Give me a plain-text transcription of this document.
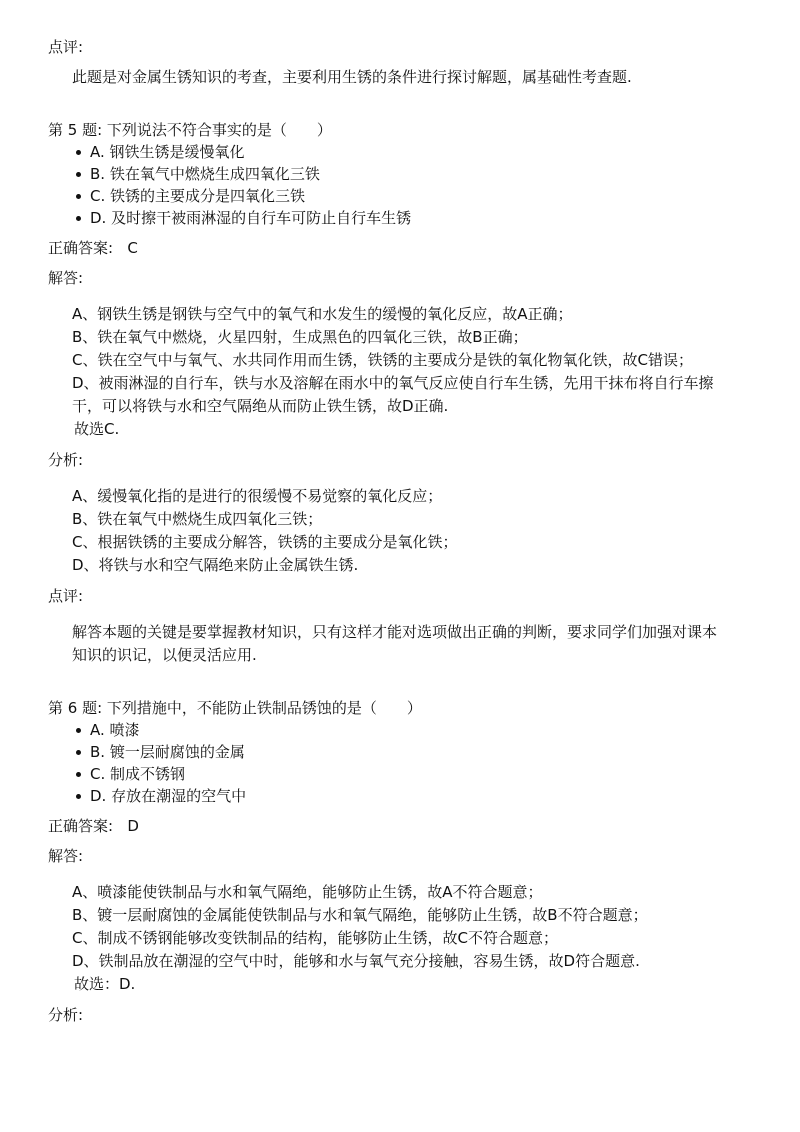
点评:

此题是对金属生锈知识的考查，主要利用生锈的条件进行探讨解题，属基础性考查题.

第 5 题: 下列说法不符合事实的是（　　）

A. 钢铁生锈是缓慢氧化
B. 铁在氧气中燃烧生成四氧化三铁
C. 铁锈的主要成分是四氧化三铁
D. 及时擦干被雨淋湿的自行车可防止自行车生锈

正确答案: C

解答:

A、钢铁生锈是钢铁与空气中的氧气和水发生的缓慢的氧化反应，故A正确；

B、铁在氧气中燃烧，火星四射，生成黑色的四氧化三铁，故B正确；

C、铁在空气中与氧气、水共同作用而生锈，铁锈的主要成分是铁的氧化物氧化铁，故C错误；

D、被雨淋湿的自行车，铁与水及溶解在雨水中的氧气反应使自行车生锈，先用干抹布将自行车擦干，可以将铁与水和空气隔绝从而防止铁生锈，故D正确.

故选C.

分析:

A、缓慢氧化指的是进行的很缓慢不易觉察的氧化反应；

B、铁在氧气中燃烧生成四氧化三铁；

C、根据铁锈的主要成分解答，铁锈的主要成分是氧化铁；

D、将铁与水和空气隔绝来防止金属铁生锈.

点评:

解答本题的关键是要掌握教材知识，只有这样才能对选项做出正确的判断，要求同学们加强对课本知识的识记，以便灵活应用.

第 6 题: 下列措施中，不能防止铁制品锈蚀的是（　　）

A. 喷漆
B. 镀一层耐腐蚀的金属
C. 制成不锈钢
D. 存放在潮湿的空气中

正确答案: D

解答:

A、喷漆能使铁制品与水和氧气隔绝，能够防止生锈，故A不符合题意；

B、镀一层耐腐蚀的金属能使铁制品与水和氧气隔绝，能够防止生锈，故B不符合题意；

C、制成不锈钢能够改变铁制品的结构，能够防止生锈，故C不符合题意；

D、铁制品放在潮湿的空气中时，能够和水与氧气充分接触，容易生锈，故D符合题意.

故选：D.

分析:
